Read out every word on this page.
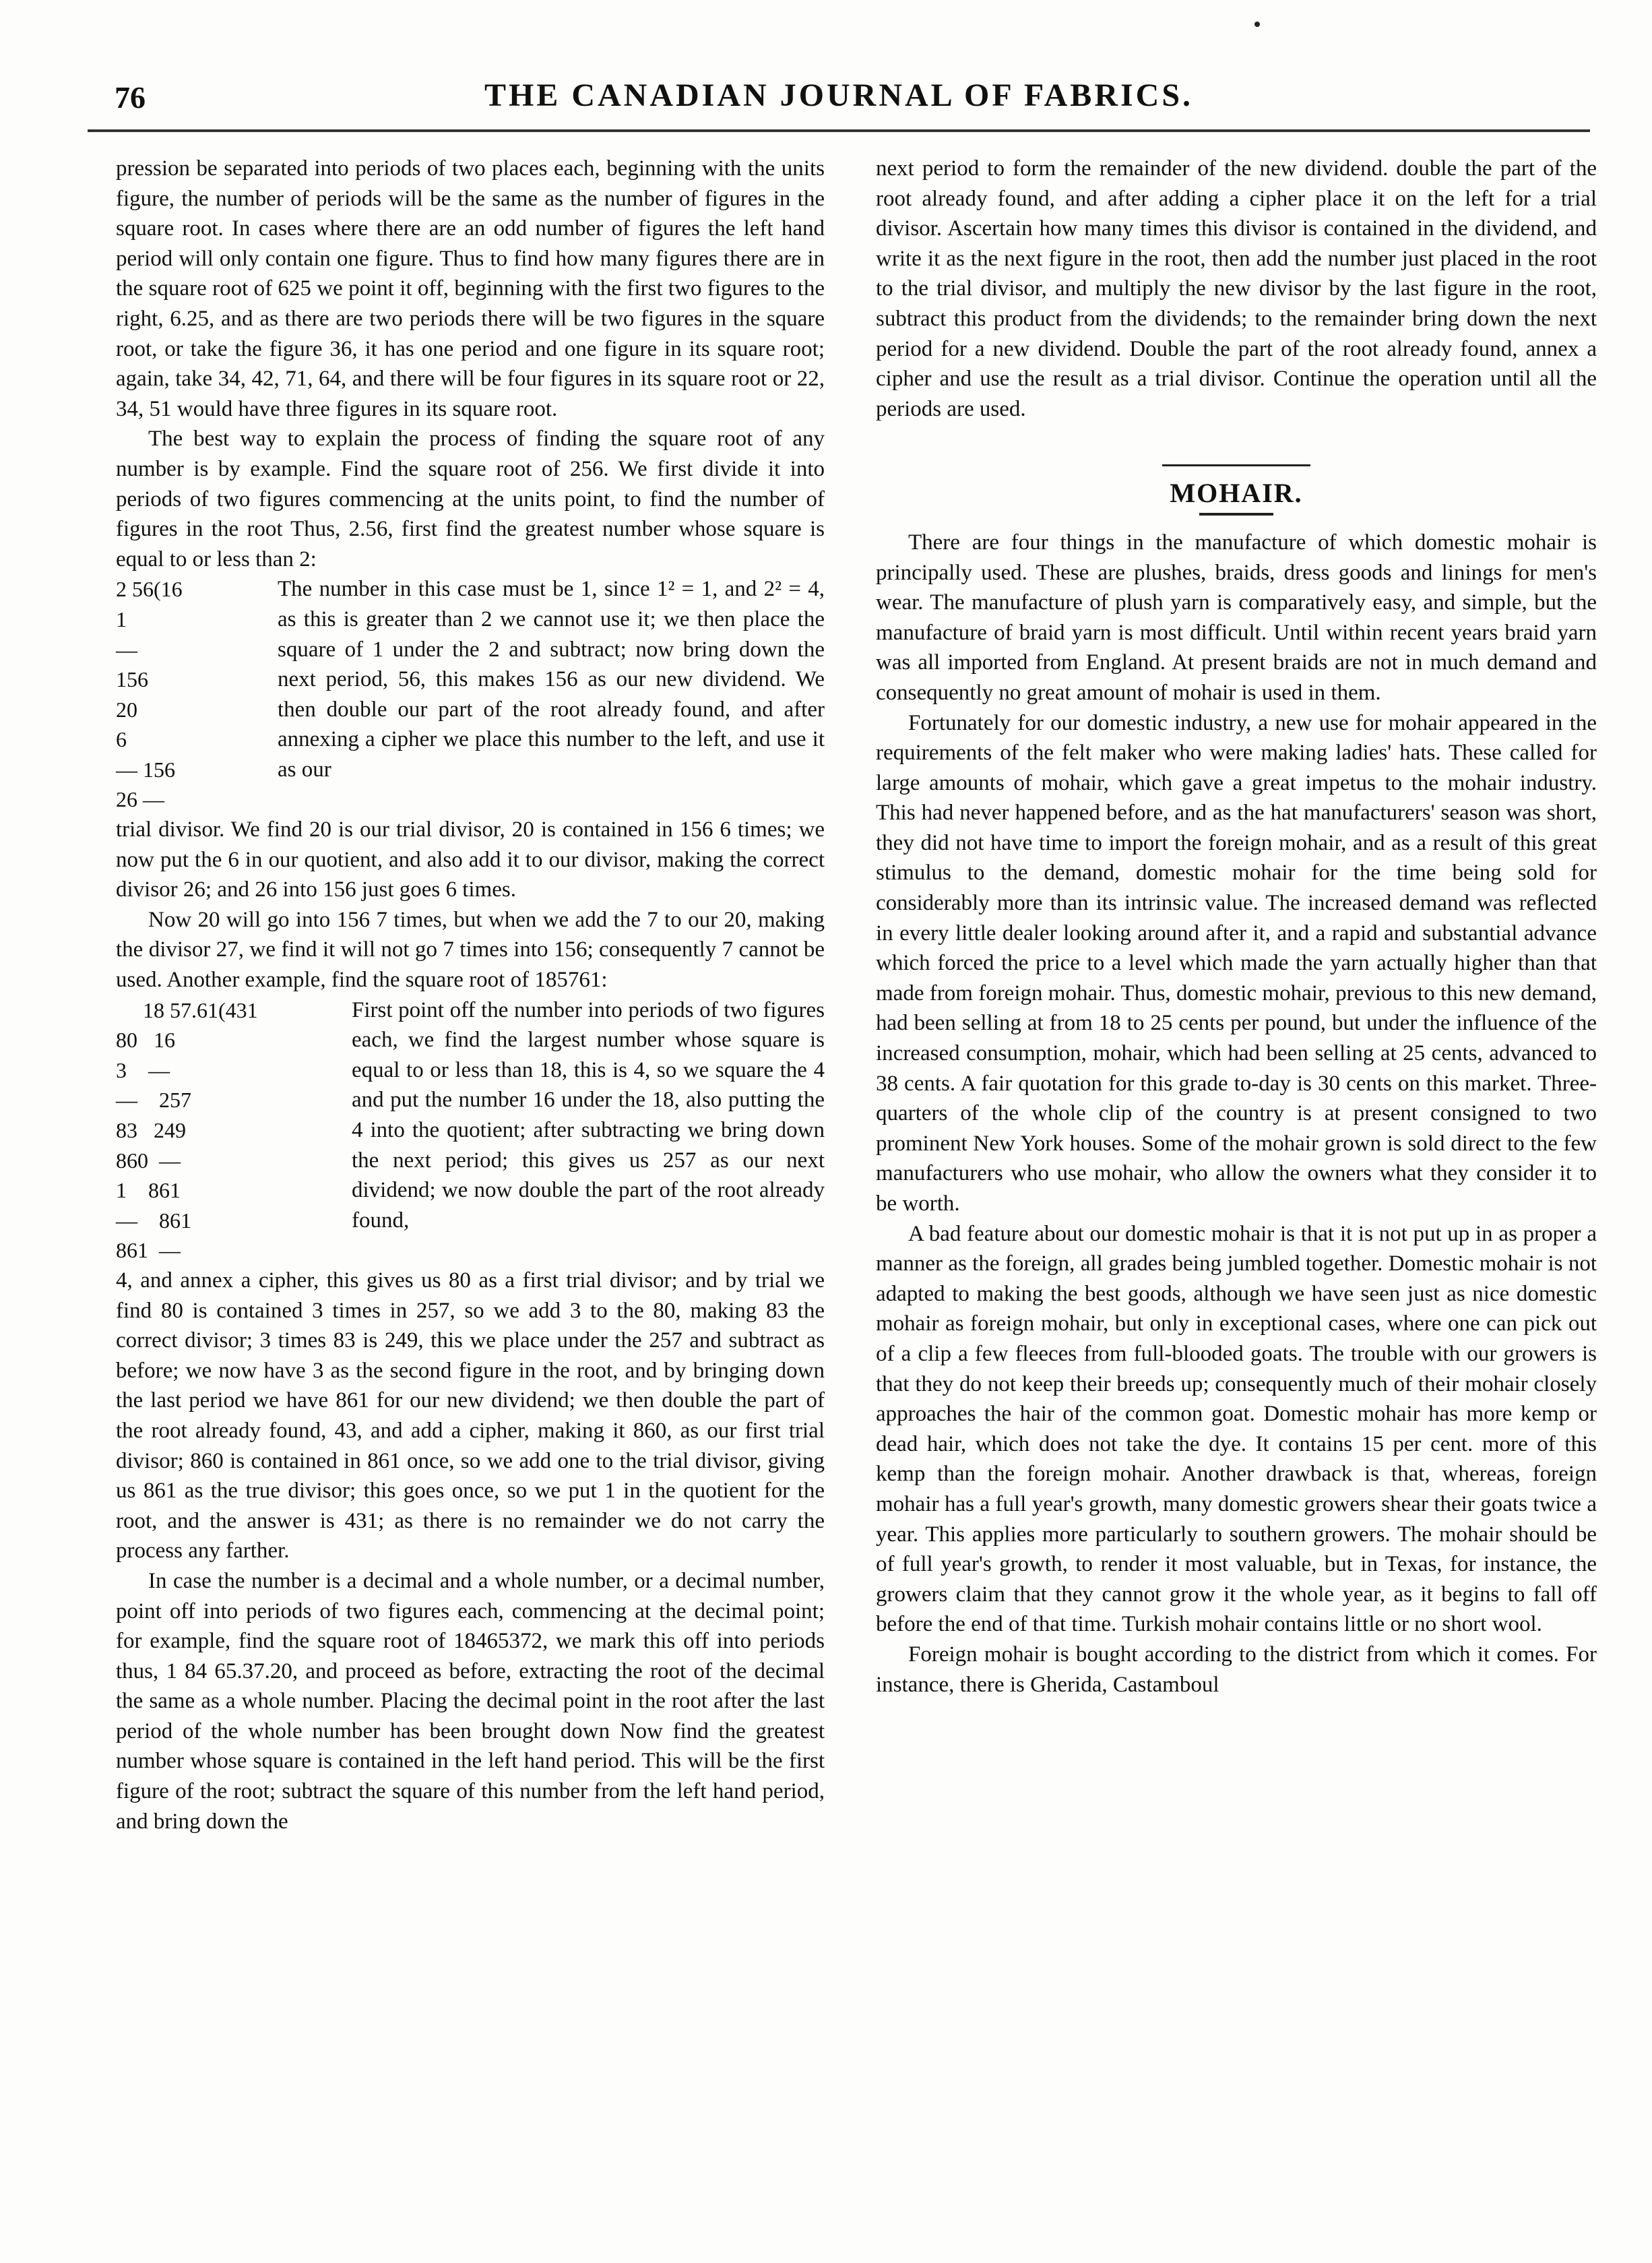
76	THE CANADIAN JOURNAL OF FABRICS.

pression be separated into periods of two places each, beginning with the units figure, the number of periods will be the same as the number of figures in the square root. In cases where there are an odd number of figures the left hand period will only contain one figure. Thus to find how many figures there are in the square root of 625 we point it off, beginning with the first two figures to the right, 6.25, and as there are two periods there will be two figures in the square root, or take the figure 36, it has one period and one figure in its square root; again, take 34, 42, 71, 64, and there will be four figures in its square root or 22, 34, 51 would have three figures in its square root.

The best way to explain the process of finding the square root of any number is by example. Find the square root of 256. We first divide it into periods of two figures commencing at the units point, to find the number of figures in the root Thus, 2.56, first find the greatest number whose square is equal to or less than 2:

2 56(16
1
—
156
20
6
— 156
26 —
The number in this case must be 1, since 1² = 1, and 2² = 4, as this is greater than 2 we cannot use it; we then place the square of 1 under the 2 and subtract; now bring down the next period, 56, this makes 156 as our new dividend. We then double our part of the root already found, and after annexing a cipher we place this number to the left, and use it as our

trial divisor. We find 20 is our trial divisor, 20 is contained in 156 6 times; we now put the 6 in our quotient, and also add it to our divisor, making the correct divisor 26; and 26 into 156 just goes 6 times.

Now 20 will go into 156 7 times, but when we add the 7 to our 20, making the divisor 27, we find it will not go 7 times into 156; consequently 7 cannot be used. Another example, find the square root of 185761:

18 57.61(431
80   16
3    —
—    257
83   249
860  —
1    861
—    861
861  —
First point off the number into periods of two figures each, we find the largest number whose square is equal to or less than 18, this is 4, so we square the 4 and put the number 16 under the 18, also putting the 4 into the quotient; after subtracting we bring down the next period; this gives us 257 as our next dividend; we now double the part of the root already found,

4, and annex a cipher, this gives us 80 as a first trial divisor; and by trial we find 80 is contained 3 times in 257, so we add 3 to the 80, making 83 the correct divisor; 3 times 83 is 249, this we place under the 257 and subtract as before; we now have 3 as the second figure in the root, and by bringing down the last period we have 861 for our new dividend; we then double the part of the root already found, 43, and add a cipher, making it 860, as our first trial divisor; 860 is contained in 861 once, so we add one to the trial divisor, giving us 861 as the true divisor; this goes once, so we put 1 in the quotient for the root, and the answer is 431; as there is no remainder we do not carry the process any farther.

In case the number is a decimal and a whole number, or a decimal number, point off into periods of two figures each, commencing at the decimal point; for example, find the square root of 18465372, we mark this off into periods thus, 1 84 65.37.20, and proceed as before, extracting the root of the decimal the same as a whole number. Placing the decimal point in the root after the last period of the whole number has been brought down Now find the greatest number whose square is contained in the left hand period. This will be the first figure of the root; subtract the square of this number from the left hand period, and bring down the

next period to form the remainder of the new dividend. double the part of the root already found, and after adding a cipher place it on the left for a trial divisor. Ascertain how many times this divisor is contained in the dividend, and write it as the next figure in the root, then add the number just placed in the root to the trial divisor, and multiply the new divisor by the last figure in the root, subtract this product from the dividends; to the remainder bring down the next period for a new dividend. Double the part of the root already found, annex a cipher and use the result as a trial divisor. Continue the operation until all the periods are used.

MOHAIR.

There are four things in the manufacture of which domestic mohair is principally used. These are plushes, braids, dress goods and linings for men's wear. The manufacture of plush yarn is comparatively easy, and simple, but the manufacture of braid yarn is most difficult. Until within recent years braid yarn was all imported from England. At present braids are not in much demand and consequently no great amount of mohair is used in them.

Fortunately for our domestic industry, a new use for mohair appeared in the requirements of the felt maker who were making ladies' hats. These called for large amounts of mohair, which gave a great impetus to the mohair industry. This had never happened before, and as the hat manufacturers' season was short, they did not have time to import the foreign mohair, and as a result of this great stimulus to the demand, domestic mohair for the time being sold for considerably more than its intrinsic value. The increased demand was reflected in every little dealer looking around after it, and a rapid and substantial advance which forced the price to a level which made the yarn actually higher than that made from foreign mohair. Thus, domestic mohair, previous to this new demand, had been selling at from 18 to 25 cents per pound, but under the influence of the increased consumption, mohair, which had been selling at 25 cents, advanced to 38 cents. A fair quotation for this grade to-day is 30 cents on this market. Three-quarters of the whole clip of the country is at present consigned to two prominent New York houses. Some of the mohair grown is sold direct to the few manufacturers who use mohair, who allow the owners what they consider it to be worth.

A bad feature about our domestic mohair is that it is not put up in as proper a manner as the foreign, all grades being jumbled together. Domestic mohair is not adapted to making the best goods, although we have seen just as nice domestic mohair as foreign mohair, but only in exceptional cases, where one can pick out of a clip a few fleeces from full-blooded goats. The trouble with our growers is that they do not keep their breeds up; consequently much of their mohair closely approaches the hair of the common goat. Domestic mohair has more kemp or dead hair, which does not take the dye. It contains 15 per cent. more of this kemp than the foreign mohair. Another drawback is that, whereas, foreign mohair has a full year's growth, many domestic growers shear their goats twice a year. This applies more particularly to southern growers. The mohair should be of full year's growth, to render it most valuable, but in Texas, for instance, the growers claim that they cannot grow it the whole year, as it begins to fall off before the end of that time. Turkish mohair contains little or no short wool.

Foreign mohair is bought according to the district from which it comes. For instance, there is Gherida, Castamboul
